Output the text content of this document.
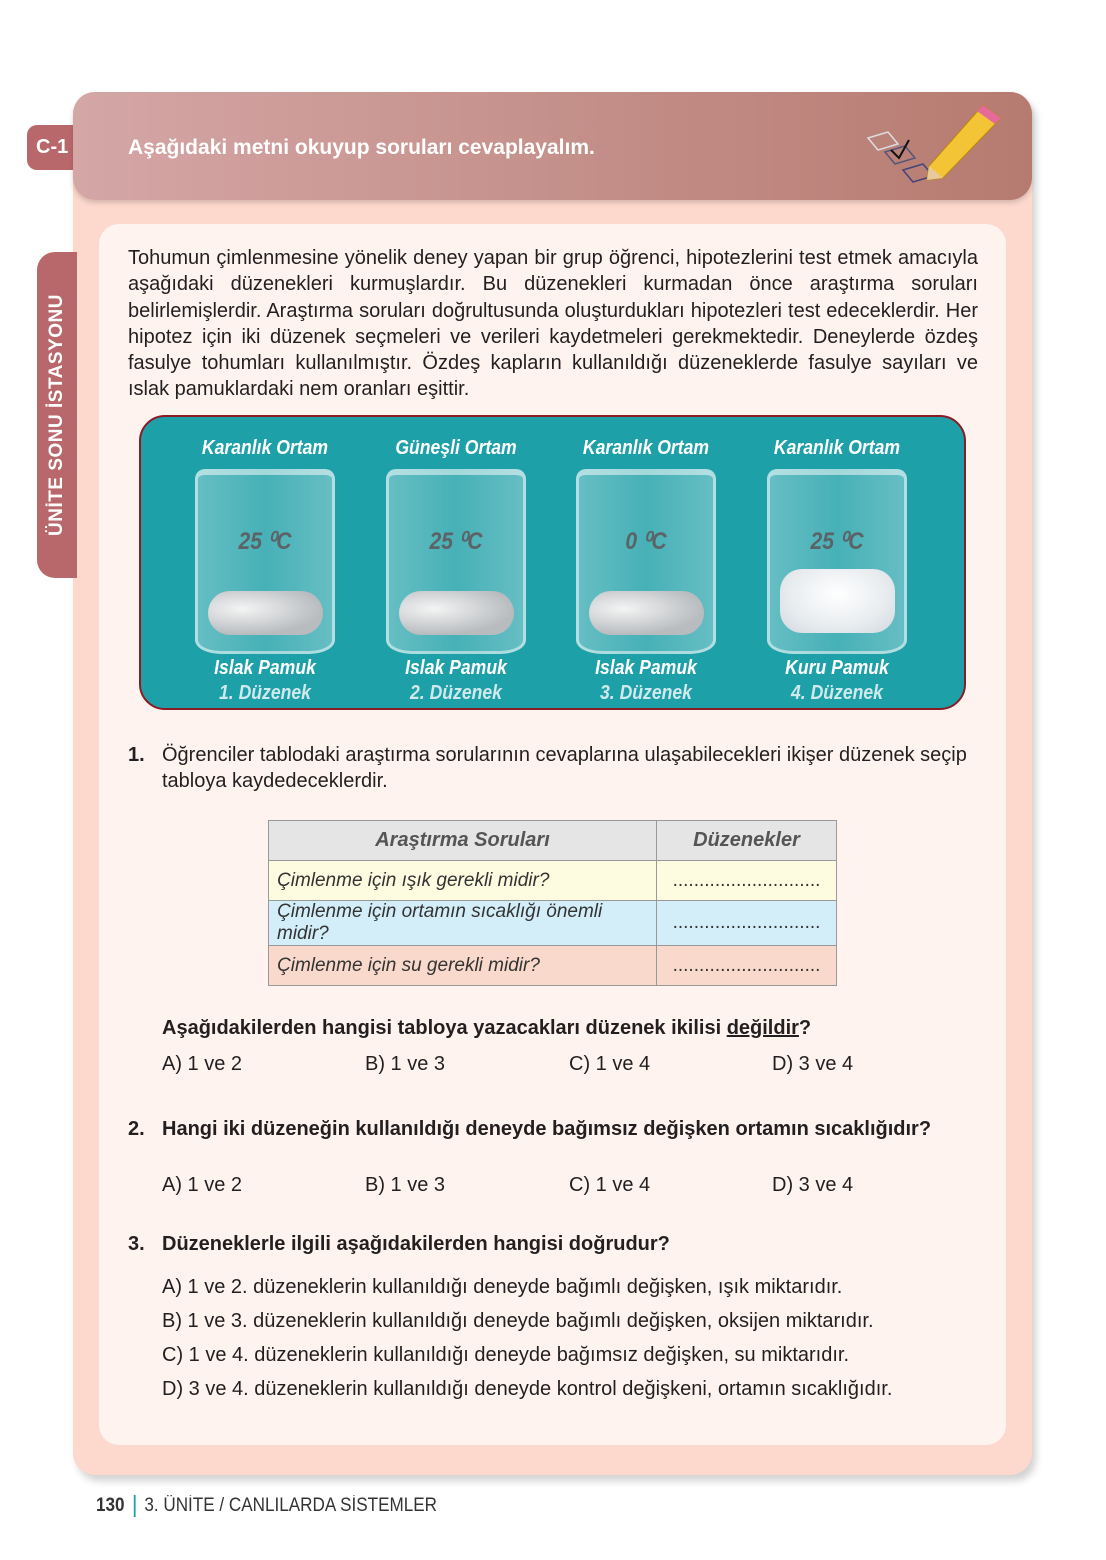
C-1	Aşağıdaki metni okuyup soruları cevaplayalım.
ÜNİTE SONU İSTASYONU
Tohumun çimlenmesine yönelik deney yapan bir grup öğrenci, hipotezlerini test etmek amacıyla aşağıdaki düzenekleri kurmuşlardır. Bu düzenekleri kurmadan önce araştırma soruları belirlemişlerdir. Araştırma soruları doğrultusunda oluşturdukları hipotezleri test edeceklerdir. Her hipotez için iki düzenek seçmeleri ve verileri kaydetmeleri gerekmektedir. Deneylerde özdeş fasulye tohumları kullanılmıştır. Özdeş kapların kullanıldığı düzeneklerde fasulye sayıları ve ıslak pamuklardaki nem oranları eşittir.
Karanlık Ortam
25 ⁰C
Islak Pamuk
1. Düzenek
Güneşli Ortam
25 ⁰C
Islak Pamuk
2. Düzenek
Karanlık Ortam
0 ⁰C
Islak Pamuk
3. Düzenek
Karanlık Ortam
25 ⁰C
Kuru Pamuk
4. Düzenek
1. Öğrenciler tablodaki araştırma sorularının cevaplarına ulaşabilecekleri ikişer düzenek seçip tabloya kaydedeceklerdir.
Araştırma Soruları	Düzenekler
Çimlenme için ışık gerekli midir?	............................
Çimlenme için ortamın sıcaklığı önemli midir?	............................
Çimlenme için su gerekli midir?	............................
Aşağıdakilerden hangisi tabloya yazacakları düzenek ikilisi değildir?
A) 1 ve 2	B) 1 ve 3	C) 1 ve 4	D) 3 ve 4
2. Hangi iki düzeneğin kullanıldığı deneyde bağımsız değişken ortamın sıcaklığıdır?
A) 1 ve 2	B) 1 ve 3	C) 1 ve 4	D) 3 ve 4
3. Düzeneklerle ilgili aşağıdakilerden hangisi doğrudur?
A) 1 ve 2. düzeneklerin kullanıldığı deneyde bağımlı değişken, ışık miktarıdır.
B) 1 ve 3. düzeneklerin kullanıldığı deneyde bağımlı değişken, oksijen miktarıdır.
C) 1 ve 4. düzeneklerin kullanıldığı deneyde bağımsız değişken, su miktarıdır.
D) 3 ve 4. düzeneklerin kullanıldığı deneyde kontrol değişkeni, ortamın sıcaklığıdır.
130 3. ÜNİTE / CANLILARDA SİSTEMLER
